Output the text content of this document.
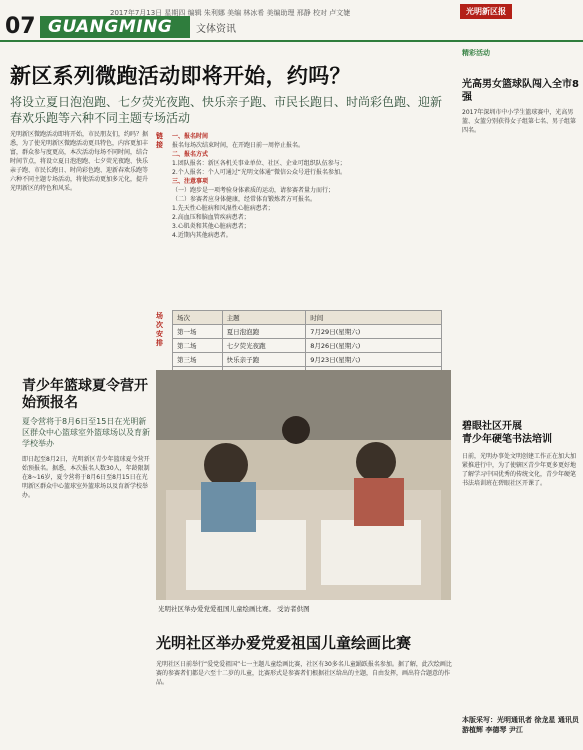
07 GUANGMING 文体资讯
2017年7月13日 星期四 编辑 朱利娜 美编 林冰希 美编助理 邢静 校对 卢文婕	光明新区报
新区系列微跑活动即将开始，约吗？
将设立夏日泡泡跑、七夕荧光夜跑、快乐亲子跑、市民长跑日、时尚彩色跑、迎新春欢乐跑等六种不同主题专场活动
光明新区微跑活动即将开始，市民朋友们，约吗？据悉，为了使光明新区微跑活动更具特色，内容更加丰富，群众参与度更高，本次活动每场不同时间，结合时间节点，将设立夏日泡泡跑、七夕荧光夜跑、快乐亲子跑、市民长跑日、时尚彩色跑、迎新春欢乐跑等六种不同主题专场活动，将使活动更加多元化，提升光明新区的特色和风采。
链接
一、报名时间
报名每场次结束时间，在开跑日前一周停止报名。
二、报名方式
1.团队报名：新区各机关事业单位、社区、企业可组织队伍参与；
2.个人报名：个人可通过“光明文体通”微信公众号进行报名参加。
三、注意事项
（一）跑步是一项考验身体素质的运动，请参赛者量力而行；
（二）参赛者应身体健康，经常体育锻炼者方可报名。
1.先天性心脏病和风湿性心脏病患者；
2.高血压和脑血管疾病患者；
3.心肌炎和其他心脏病患者；
4.近期内其他病患者。
场次安排
场次	主题	时间
第一场	夏日泡泡跑	7月29日(星期六)
第二场	七夕荧光夜跑	8月26日(星期六)
第三场	快乐亲子跑	9月23日(星期六)

精彩活动
光高男女篮球队闯入全市8强
2017年深圳市中小学生篮球赛中，光高男篮、女篮分别获得女子组第七名、男子组第四名。
碧眼社区开展
青少年硬笔书法培训
日前，光明办事处文明创建工作正在加大加紧推进行中，为了使辖区青少年更多更好地了解学习中国优秀的传统文化，青少年硬笔书法培训班在碧眼社区开课了。
青少年篮球夏令营开始预报名
夏令营将于8月6日至15日在光明新区群众中心篮球室外篮球场以及育新学校举办
即日起至8月2日，光明新区青少年篮球夏令营开始预报名。据悉，本次报名人数30人，年龄限制在8~16岁，夏令营将于8月6日至8月15日在光明新区群众中心篮球室外篮球场以及育新学校举办。
光明社区举办爱党爱祖国儿童绘画比赛。 受访者供图
光明社区举办爱党爱祖国儿童绘画比赛
光明社区日前举行“爱党爱祖国”七一主题儿童绘画比赛，社区有30多名儿童踊跃报名参加。据了解，此次绘画比赛的参赛者们都是六至十二岁的儿童，比赛形式是参赛者们根据社区给出的主题，自由发挥，画出符合题意的作品。
本版采写：光明通讯者 徐龙星 通讯员 游植辉 李德琴 尹江
